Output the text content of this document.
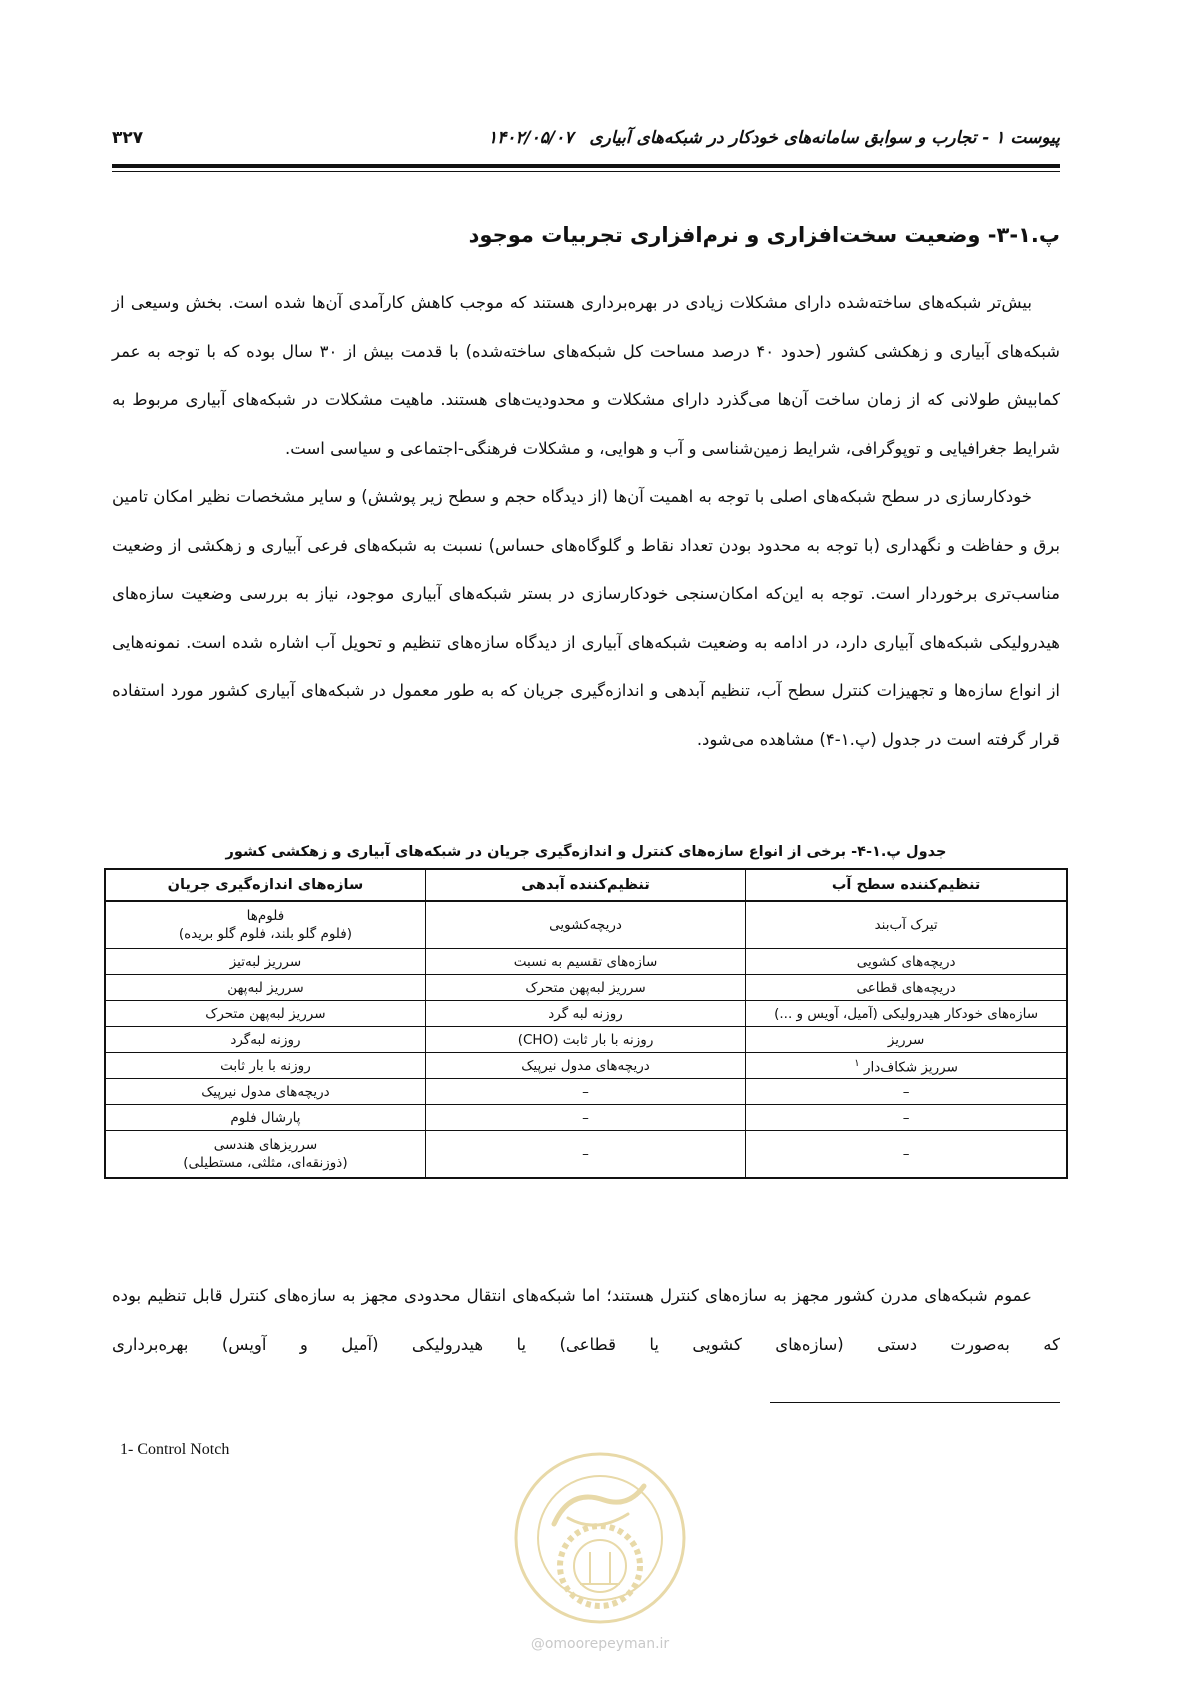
پیوست ۱ - تجارب و سوابق سامانه‌های خودکار در شبکه‌های آبیاری ۱۴۰۲/۰۵/۰۷
۳۲۷
پ.۱-۳- وضعیت سخت‌افزاری و نرم‌افزاری تجربیات موجود

بیش‌تر شبکه‌های ساخته‌شده دارای مشکلات زیادی در بهره‌برداری هستند که موجب کاهش کارآمدی آن‌ها شده است. بخش وسیعی از شبکه‌های آبیاری و زهکشی کشور (حدود ۴۰ درصد مساحت کل شبکه‌های ساخته‌شده) با قدمت بیش از ۳۰ سال بوده که با توجه به عمر کمابیش طولانی که از زمان ساخت آن‌ها می‌گذرد دارای مشکلات و محدودیت‌های هستند. ماهیت مشکلات در شبکه‌های آبیاری مربوط به شرایط جغرافیایی و توپوگرافی، شرایط زمین‌شناسی و آب و هوایی، و مشکلات فرهنگی-اجتماعی و سیاسی است.

خودکارسازی در سطح شبکه‌های اصلی با توجه به اهمیت آن‌ها (از دیدگاه حجم و سطح زیر پوشش) و سایر مشخصات نظیر امکان تامین برق و حفاظت و نگهداری (با توجه به محدود بودن تعداد نقاط و گلوگاه‌های حساس) نسبت به شبکه‌های فرعی آبیاری و زهکشی از وضعیت مناسب‌تری برخوردار است. توجه به این‌که امکان‌سنجی خودکارسازی در بستر شبکه‌های آبیاری موجود، نیاز به بررسی وضعیت سازه‌های هیدرولیکی شبکه‌های آبیاری دارد، در ادامه به وضعیت شبکه‌های آبیاری از دیدگاه سازه‌های تنظیم و تحویل آب اشاره شده است. نمونه‌هایی از انواع سازه‌ها و تجهیزات کنترل سطح آب، تنظیم آبدهی و اندازه‌گیری جریان که به طور معمول در شبکه‌های آبیاری کشور مورد استفاده قرار گرفته است در جدول (پ.۱-۴) مشاهده می‌شود.

جدول پ.۱-۴- برخی از انواع سازه‌های کنترل و اندازه‌گیری جریان در شبکه‌های آبیاری و زهکشی کشور
تنظیم‌کننده سطح آب	تنظیم‌کننده آبدهی	سازه‌های اندازه‌گیری جریان
تیرک آب‌بند	دریچه‌کشویی	فلوم‌ها
(فلوم گلو بلند، فلوم گلو بریده)

دریچه‌های کشویی	سازه‌های تقسیم به نسبت	سرریز لبه‌تیز
دریچه‌های قطاعی	سرریز لبه‌پهن متحرک	سرریز لبه‌پهن
سازه‌های خودکار هیدرولیکی (آمیل، آویس و ...)	روزنه لبه گرد	سرریز لبه‌پهن متحرک
سرریز	روزنه با بار ثابت (CHO)	روزنه لبه‌گرد
سرریز شکاف‌دار $^۱$	دریچه‌های مدول نیرپیک	روزنه با بار ثابت
–	–	دریچه‌های مدول نیرپیک
–	–	پارشال فلوم
–	–	سرریزهای هندسی
(ذوزنقه‌ای، مثلثی، مستطیلی)

عموم شبکه‌های مدرن کشور مجهز به سازه‌های کنترل هستند؛ اما شبکه‌های انتقال محدودی مجهز به سازه‌های کنترل قابل تنظیم بوده که به‌صورت دستی (سازه‌های کشویی یا قطاعی) یا هیدرولیکی (آمیل و آویس) بهره‌برداری

1- Control Notch
@omoorepeyman.ir
